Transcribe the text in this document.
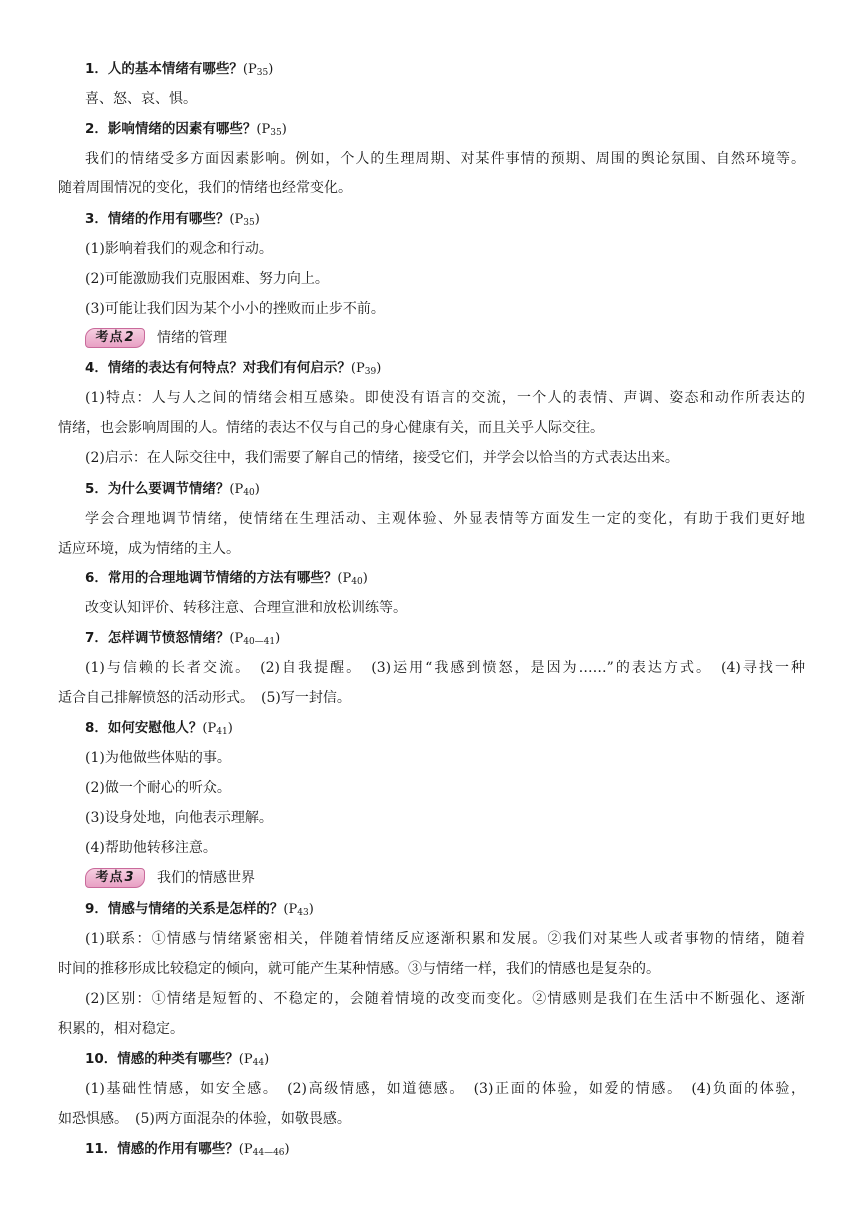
1．人的基本情绪有哪些？$(P_{35})$
喜、怒、哀、惧。
2．影响情绪的因素有哪些？$(P_{35})$
我们的情绪受多方面因素影响。例如，个人的生理周期、对某件事情的预期、周围的舆论氛围、自然环境等。
随着周围情况的变化，我们的情绪也经常变化。
3．情绪的作用有哪些？$(P_{35})$
(1)影响着我们的观念和行动。
(2)可能激励我们克服困难、努力向上。
(3)可能让我们因为某个小小的挫败而止步不前。
考点 2 情绪的管理
4．情绪的表达有何特点？对我们有何启示？$(P_{39})$
(1)特点：人与人之间的情绪会相互感染。即使没有语言的交流，一个人的表情、声调、姿态和动作所表达的
情绪，也会影响周围的人。情绪的表达不仅与自己的身心健康有关，而且关乎人际交往。
(2)启示：在人际交往中，我们需要了解自己的情绪，接受它们，并学会以恰当的方式表达出来。
5．为什么要调节情绪？$(P_{40})$
学会合理地调节情绪，使情绪在生理活动、主观体验、外显表情等方面发生一定的变化，有助于我们更好地
适应环境，成为情绪的主人。
6．常用的合理地调节情绪的方法有哪些？$(P_{40})$
改变认知评价、转移注意、合理宣泄和放松训练等。
7．怎样调节愤怒情绪？$(P_{40—41})$
(1)与信赖的长者交流。　(2)自我提醒。　(3)运用“我感到愤怒，是因为……”的表达方式。　(4)寻找一种
适合自己排解愤怒的活动形式。　(5)写一封信。
8．如何安慰他人？$(P_{41})$
(1)为他做些体贴的事。
(2)做一个耐心的听众。
(3)设身处地，向他表示理解。
(4)帮助他转移注意。
考点 3 我们的情感世界
9．情感与情绪的关系是怎样的？$(P_{43})$
(1)联系：①情感与情绪紧密相关，伴随着情绪反应逐渐积累和发展。②我们对某些人或者事物的情绪，随着
时间的推移形成比较稳定的倾向，就可能产生某种情感。③与情绪一样，我们的情感也是复杂的。
(2)区别：①情绪是短暂的、不稳定的，会随着情境的改变而变化。②情感则是我们在生活中不断强化、逐渐
积累的，相对稳定。
10．情感的种类有哪些？$(P_{44})$
(1)基础性情感，如安全感。　(2)高级情感，如道德感。　(3)正面的体验，如爱的情感。　(4)负面的体验，
如恐惧感。　(5)两方面混杂的体验，如敬畏感。
11．情感的作用有哪些？$(P_{44—46})$
